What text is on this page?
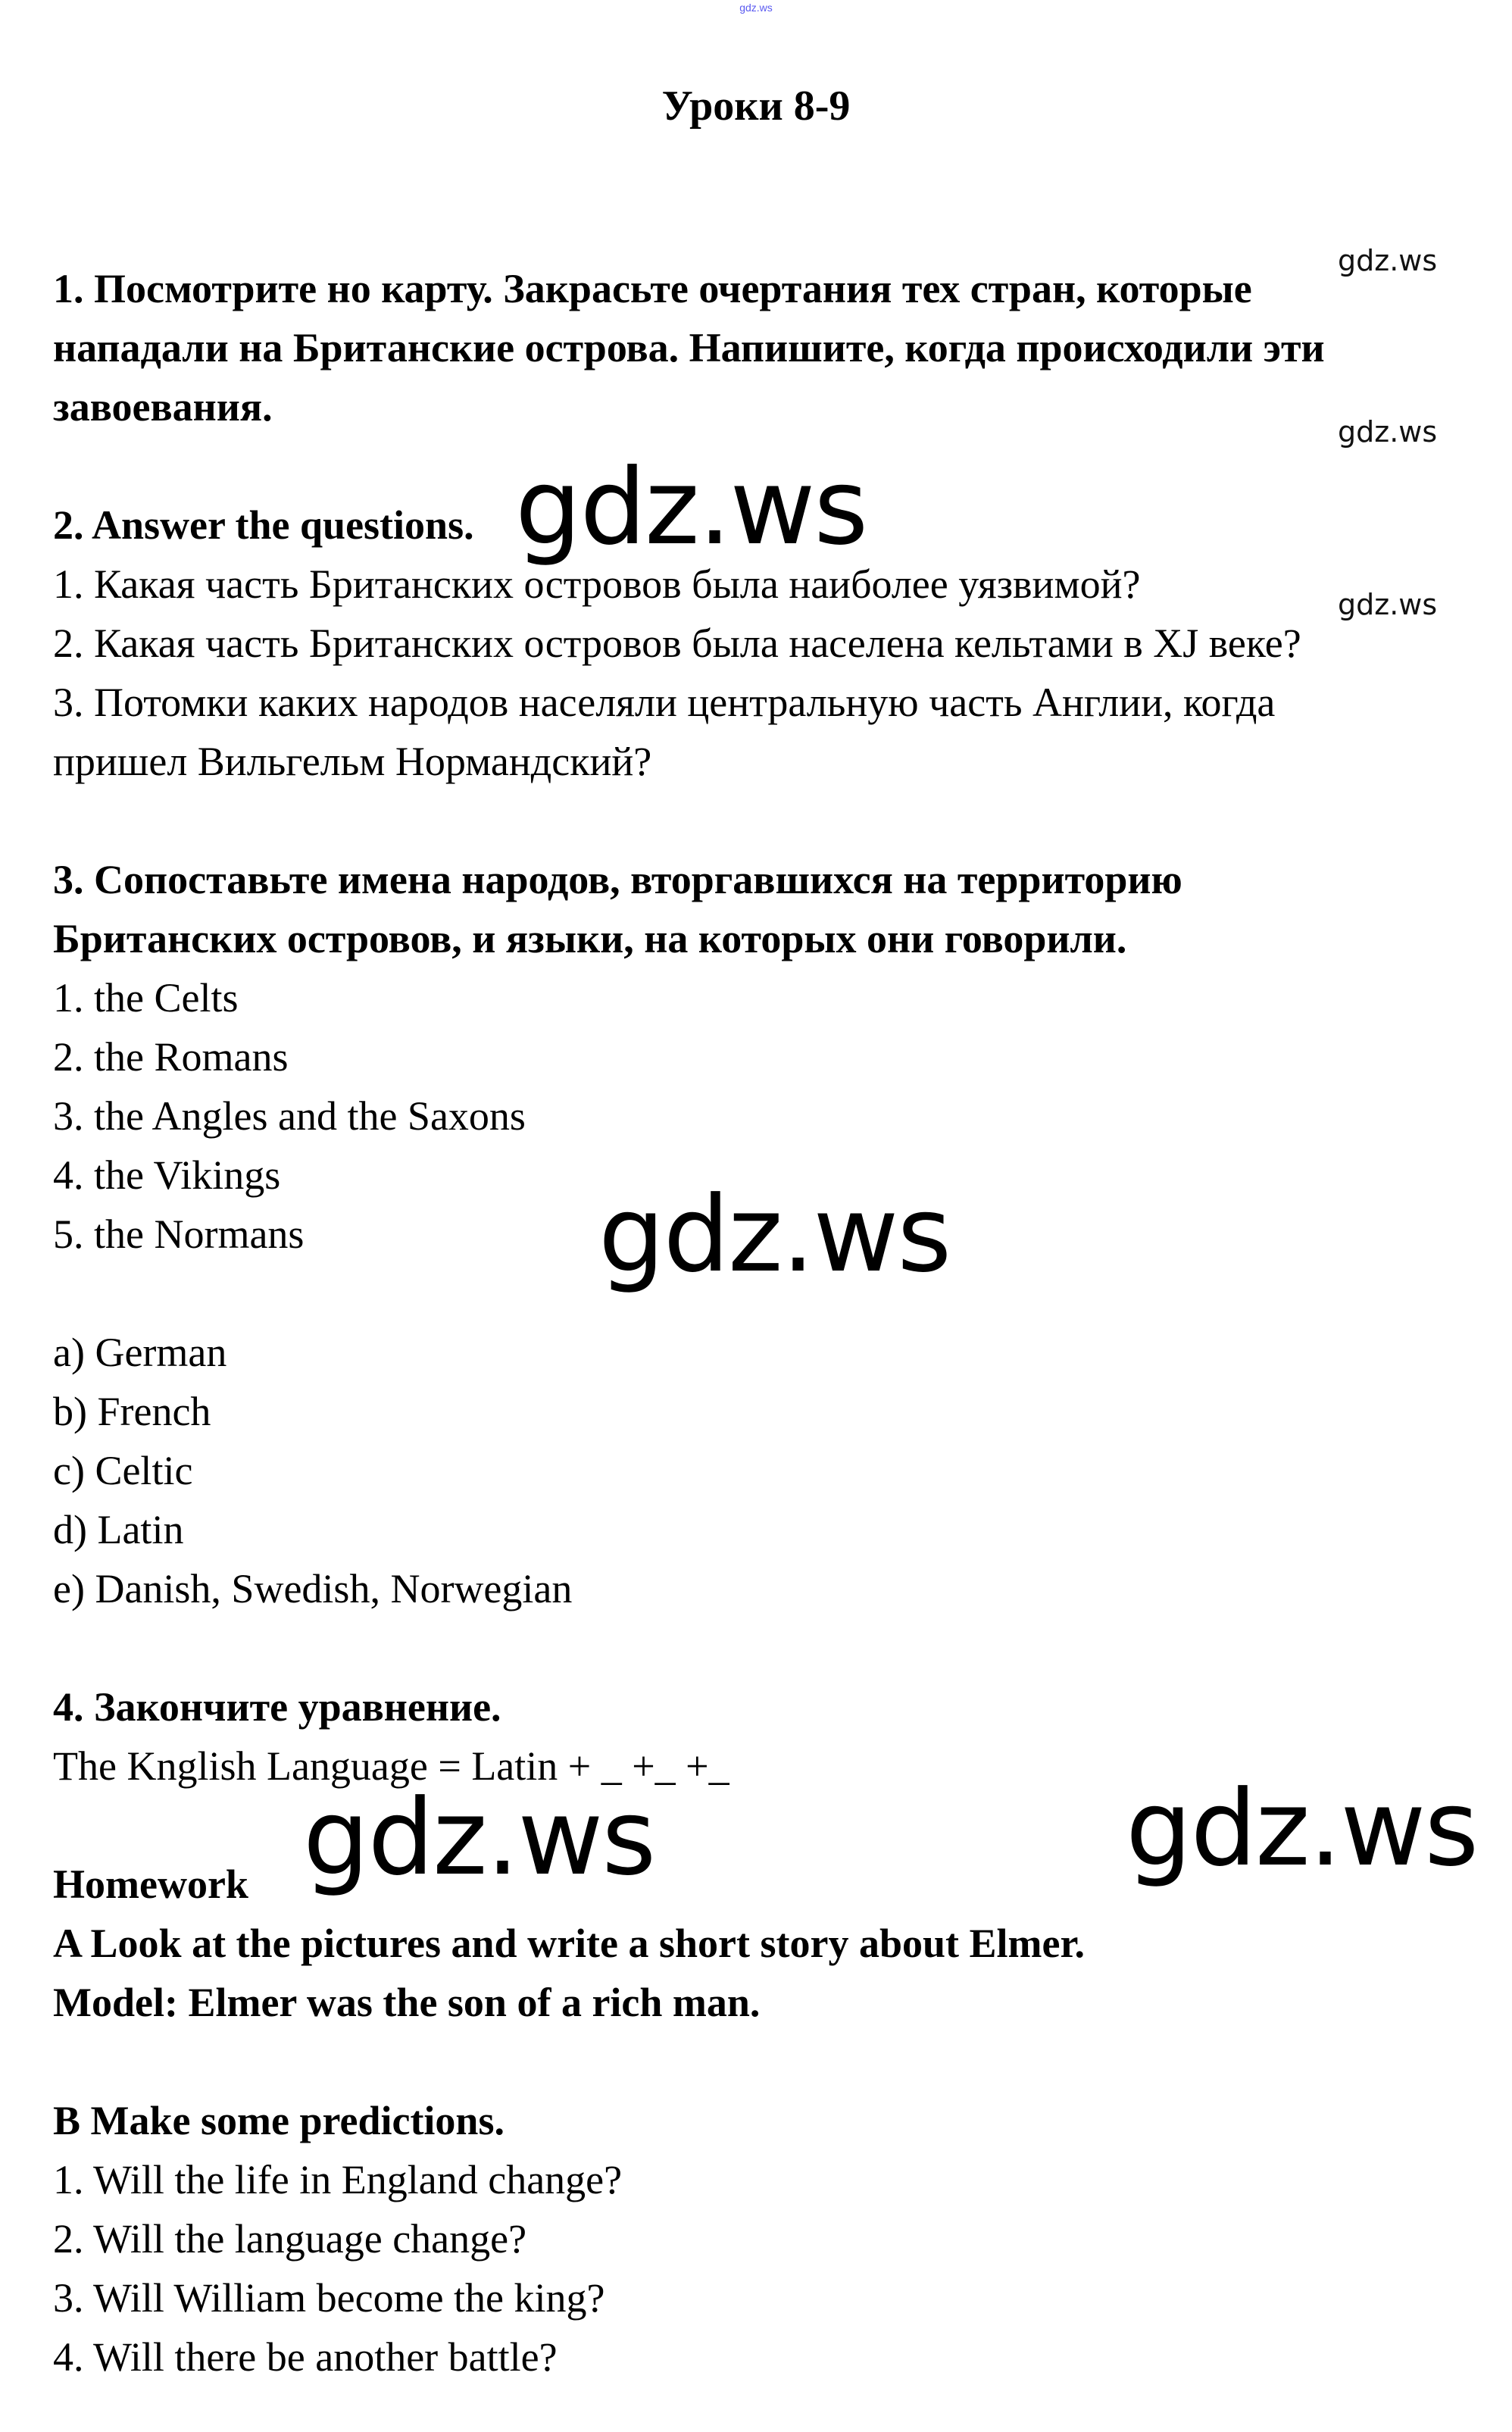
gdz.ws
Уроки 8-9
1. Посмотрите но карту. Закрасьте очертания тех стран, которые
нападали на Британские острова. Напишите, когда происходили эти
завоевания.
2. Answer the questions.
1. Какая часть Британских островов была наиболее уязвимой?
2. Какая часть Британских островов была населена кельтами в XJ веке?
3. Потомки каких народов населяли центральную часть Англии, когда
пришел Вильгельм Нормандский?
3. Сопоставьте имена народов, вторгавшихся на территорию
Британских островов, и языки, на которых они говорили.
1. the Celts
2. the Romans
3. the Angles and the Saxons
4. the Vikings
5. the Normans
a) German
b) French
c) Celtic
d) Latin
e) Danish, Swedish, Norwegian
4. Закончите уравнение.
The Knglish Language = Latin + _ +_ +_
Homework
A Look at the pictures and write a short story about Elmer.
Model: Elmer was the son of a rich man.
B Make some predictions.
1. Will the life in England change?
2. Will the language change?
3. Will William become the king?
4. Will there be another battle?
gdz.ws
gdz.ws
gdz.ws
gdz.ws
gdz.ws
gdz.ws	gdz.ws
